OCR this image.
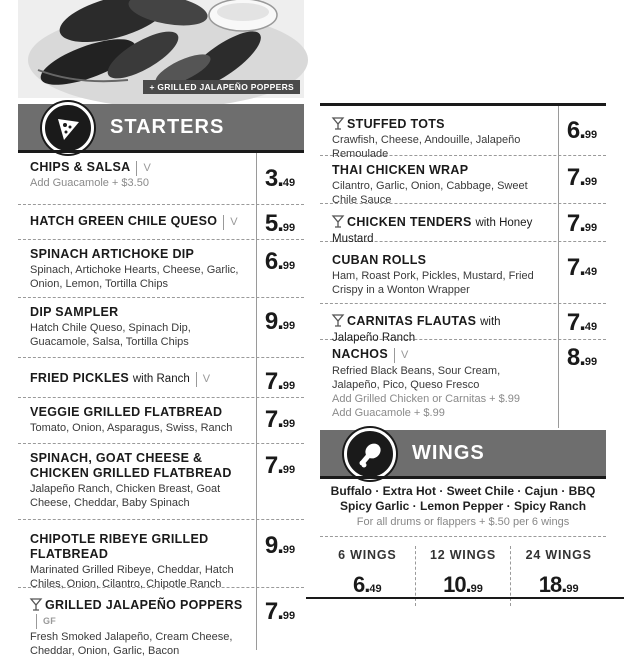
+ GRILLED JALAPEÑO POPPERS
STARTERS
CHIPS & SALSA V
Add Guacamole + $3.50	3.49
HATCH GREEN CHILE QUESO V	5.99
SPINACH ARTICHOKE DIP
Spinach, Artichoke Hearts, Cheese, Garlic, Onion, Lemon, Tortilla Chips
6.99
DIP SAMPLER
Hatch Chile Queso, Spinach Dip, Guacamole, Salsa, Tortilla Chips
9.99
FRIED PICKLES with Ranch V	7.99
VEGGIE GRILLED FLATBREAD
Tomato, Onion, Asparagus, Swiss, Ranch	7.99
SPINACH, GOAT CHEESE & CHICKEN GRILLED FLATBREAD
Jalapeño Ranch, Chicken Breast, Goat Cheese, Cheddar, Baby Spinach
7.99
CHIPOTLE RIBEYE GRILLED FLATBREAD
Marinated Grilled Ribeye, Cheddar, Hatch Chiles, Onion, Cilantro, Chipotle Ranch
9.99
GRILLED JALAPEÑO POPPERSGF
Fresh Smoked Jalapeño, Cream Cheese, Cheddar, Onion, Garlic, Bacon
7.99
STUFFED TOTS
Crawfish, Cheese, Andouille, Jalapeño Remoulade
6.99
THAI CHICKEN WRAP
Cilantro, Garlic, Onion, Cabbage, Sweet Chile Sauce
7.99
CHICKEN TENDERS with Honey Mustard
7.99
CUBAN ROLLS
Ham, Roast Pork, Pickles, Mustard, Fried Crispy in a Wonton Wrapper
7.49
CARNITAS FLAUTAS with Jalapeño Ranch
7.49
NACHOS V
Refried Black Beans, Sour Cream, Jalapeño, Pico, Queso Fresco
Add Grilled Chicken or Carnitas + $.99
Add Guacamole + $.99
8.99
WINGS
Buffalo · Extra Hot · Sweet Chile · Cajun · BBQ
Spicy Garlic · Lemon Pepper · Spicy Ranch
For all drums or flappers + $.50 per 6 wings
6 WINGS
6.49
12 WINGS
10.99
24 WINGS
18.99
